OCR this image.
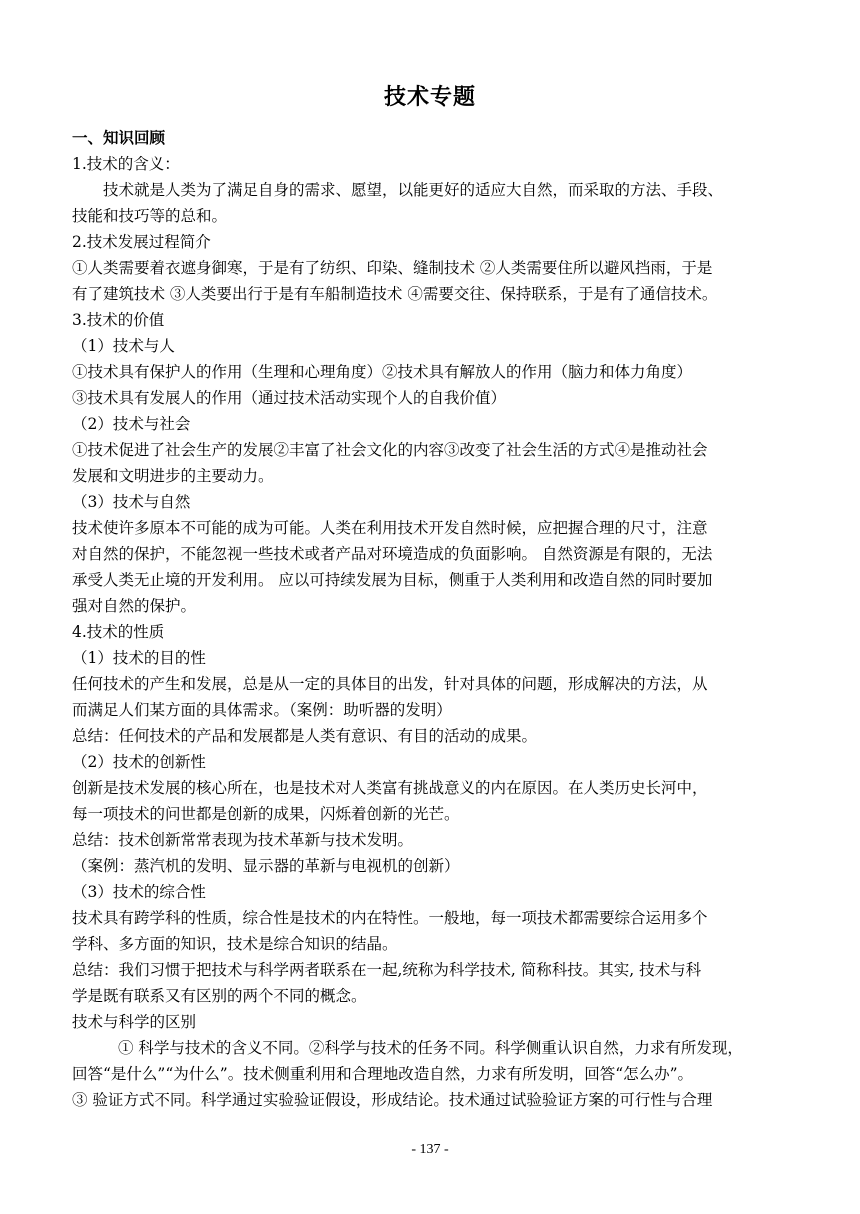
技术专题
一、知识回顾
1.技术的含义：
技术就是人类为了满足自身的需求、愿望，以能更好的适应大自然，而采取的方法、手段、
技能和技巧等的总和。
2.技术发展过程简介
①人类需要着衣遮身御寒，于是有了纺织、印染、缝制技术 ②人类需要住所以避风挡雨，于是
有了建筑技术 ③人类要出行于是有车船制造技术 ④需要交往、保持联系，于是有了通信技术。
3.技术的价值
（1）技术与人
①技术具有保护人的作用（生理和心理角度）②技术具有解放人的作用（脑力和体力角度）
③技术具有发展人的作用（通过技术活动实现个人的自我价值）
（2）技术与社会
①技术促进了社会生产的发展②丰富了社会文化的内容③改变了社会生活的方式④是推动社会
发展和文明进步的主要动力。
（3）技术与自然
技术使许多原本不可能的成为可能。人类在利用技术开发自然时候，应把握合理的尺寸，注意
对自然的保护，不能忽视一些技术或者产品对环境造成的负面影响。 自然资源是有限的，无法
承受人类无止境的开发利用。 应以可持续发展为目标，侧重于人类利用和改造自然的同时要加
强对自然的保护。
4.技术的性质
（1）技术的目的性
任何技术的产生和发展，总是从一定的具体目的出发，针对具体的问题，形成解决的方法，从
而满足人们某方面的具体需求。（案例：助听器的发明）
总结：任何技术的产品和发展都是人类有意识、有目的活动的成果。
（2）技术的创新性
创新是技术发展的核心所在，也是技术对人类富有挑战意义的内在原因。在人类历史长河中，
每一项技术的问世都是创新的成果，闪烁着创新的光芒。
总结：技术创新常常表现为技术革新与技术发明。
（案例：蒸汽机的发明、显示器的革新与电视机的创新）
（3）技术的综合性
技术具有跨学科的性质，综合性是技术的内在特性。一般地，每一项技术都需要综合运用多个
学科、多方面的知识，技术是综合知识的结晶。
总结：我们习惯于把技术与科学两者联系在一起,统称为科学技术, 简称科技。其实, 技术与科
学是既有联系又有区别的两个不同的概念。
技术与科学的区别
① 科学与技术的含义不同。②科学与技术的任务不同。科学侧重认识自然，力求有所发现，
回答“是什么”“为什么”。技术侧重利用和合理地改造自然，力求有所发明，回答“怎么办”。
③ 验证方式不同。科学通过实验验证假设，形成结论。技术通过试验验证方案的可行性与合理
- 137 -
